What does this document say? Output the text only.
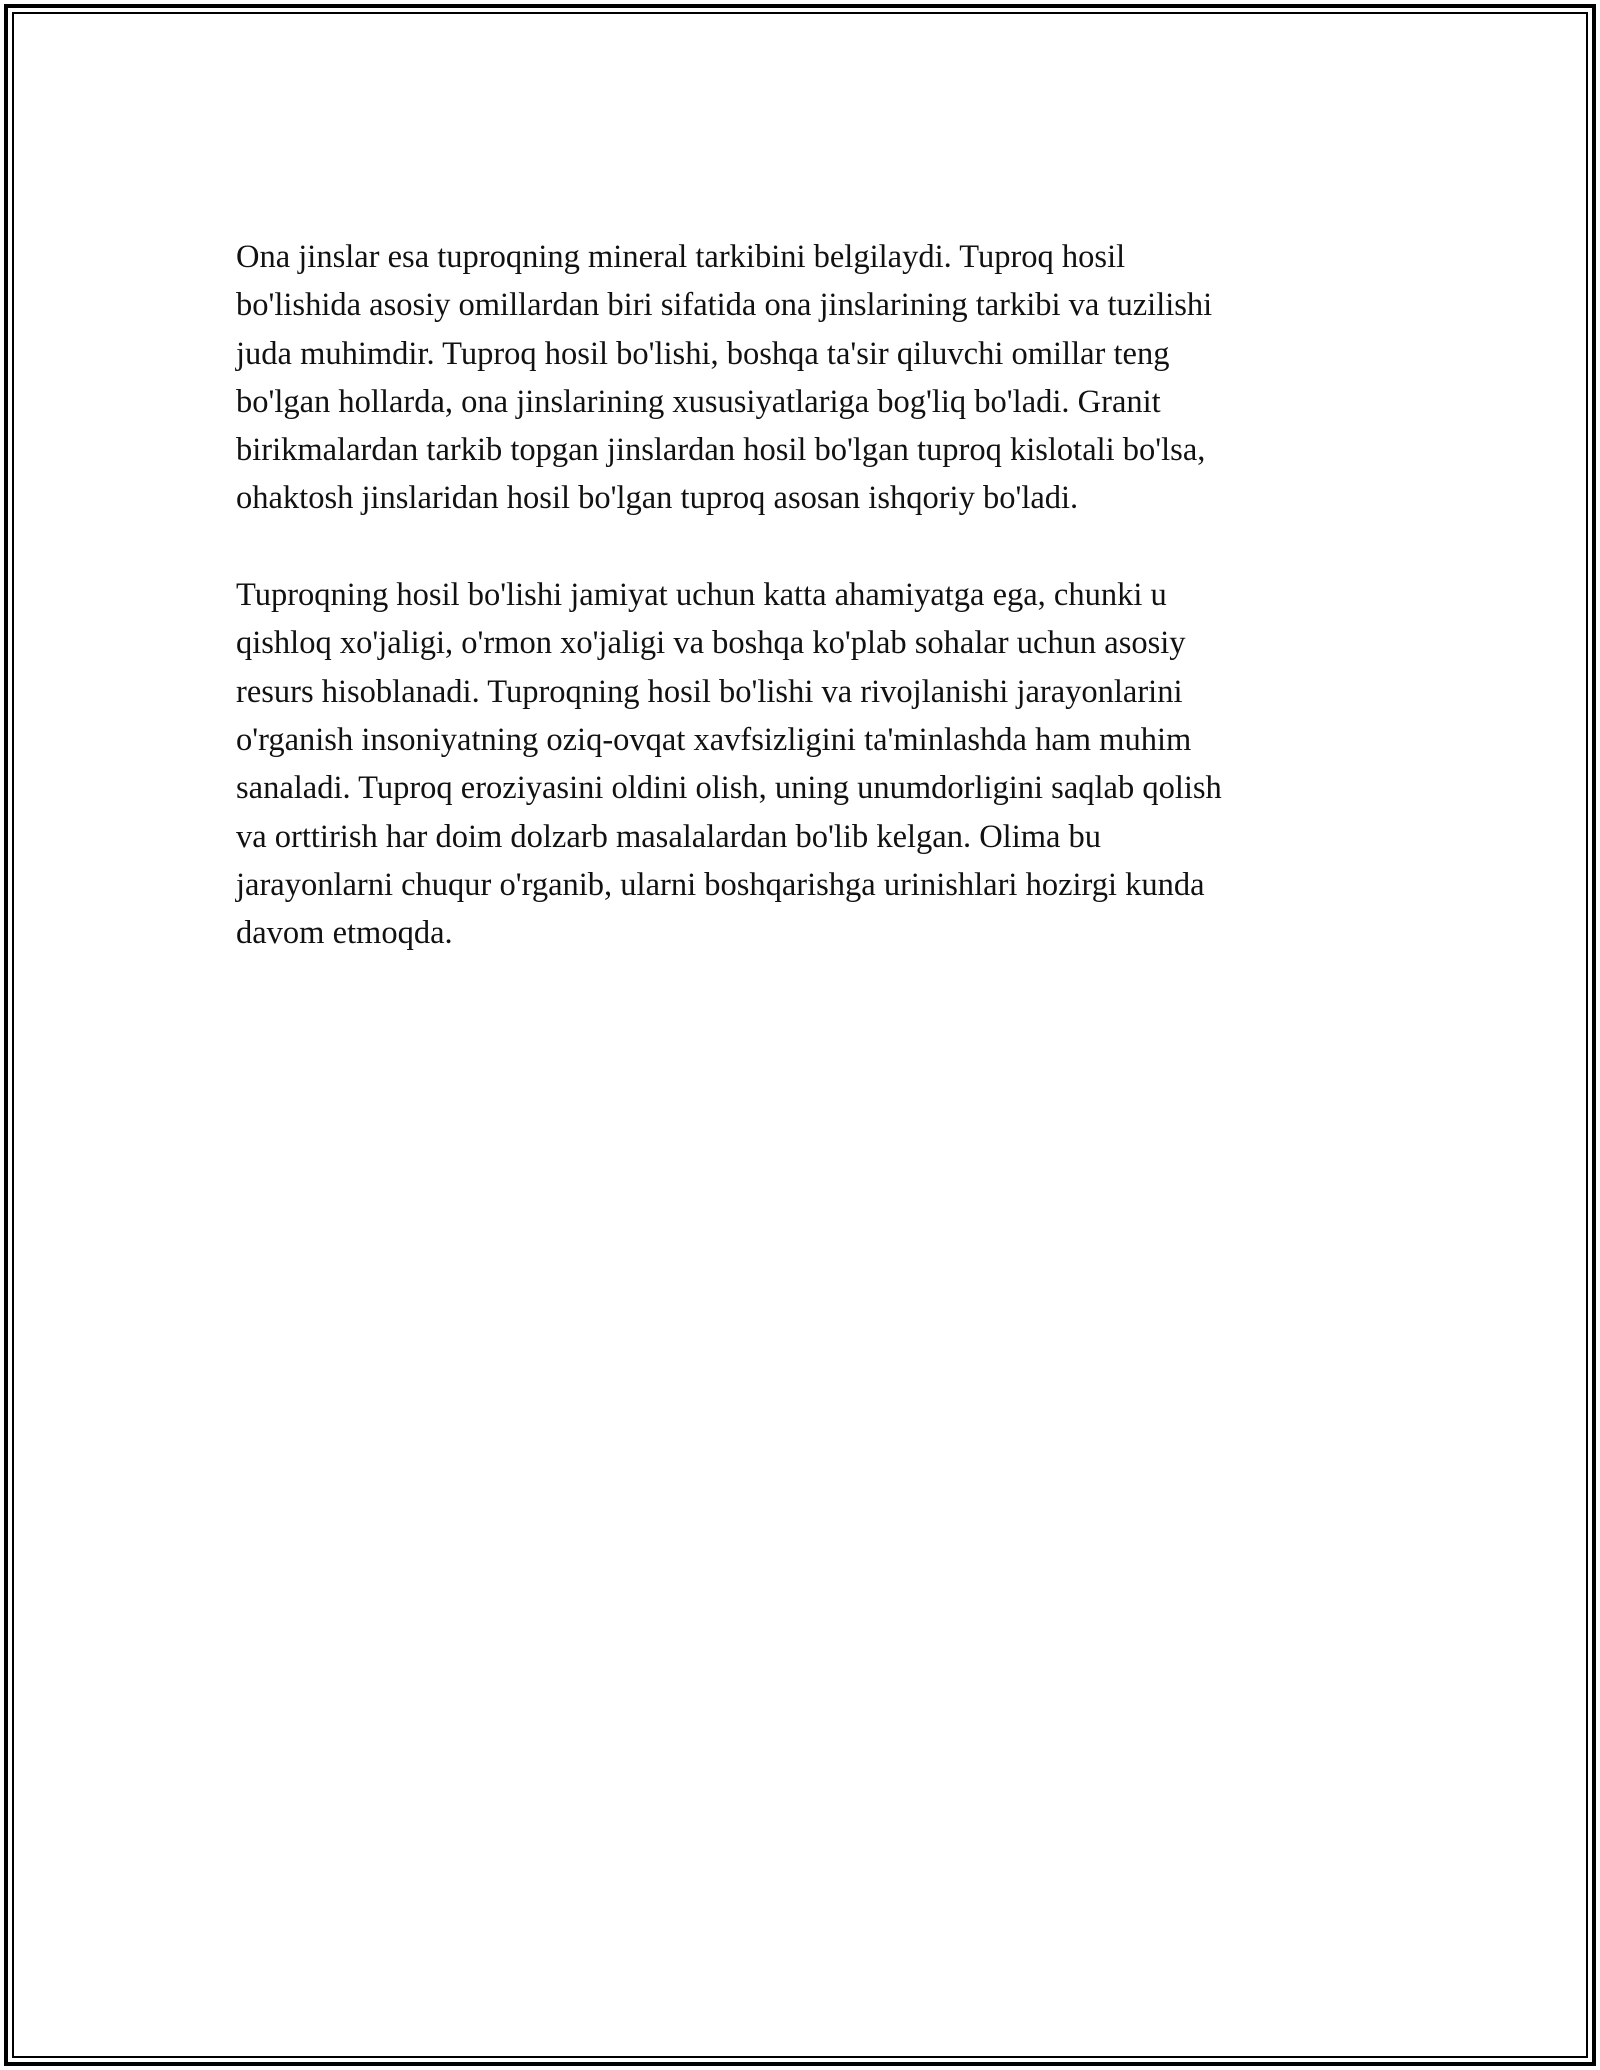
Ona jinslar esa tuproqning mineral tarkibini belgilaydi. Tuproq hosil
bo'lishida asosiy omillardan biri sifatida ona jinslarining tarkibi va tuzilishi
juda muhimdir. Tuproq hosil bo'lishi, boshqa ta'sir qiluvchi omillar teng
bo'lgan hollarda, ona jinslarining xususiyatlariga bog'liq bo'ladi. Granit
birikmalardan tarkib topgan jinslardan hosil bo'lgan tuproq kislotali bo'lsa,
ohaktosh jinslaridan hosil bo'lgan tuproq asosan ishqoriy bo'ladi.

Tuproqning hosil bo'lishi jamiyat uchun katta ahamiyatga ega, chunki u
qishloq xo'jaligi, o'rmon xo'jaligi va boshqa ko'plab sohalar uchun asosiy
resurs hisoblanadi. Tuproqning hosil bo'lishi va rivojlanishi jarayonlarini
o'rganish insoniyatning oziq-ovqat xavfsizligini ta'minlashda ham muhim
sanaladi. Tuproq eroziyasini oldini olish, uning unumdorligini saqlab qolish
va orttirish har doim dolzarb masalalardan bo'lib kelgan. Olima bu
jarayonlarni chuqur o'rganib, ularni boshqarishga urinishlari hozirgi kunda
davom etmoqda.
